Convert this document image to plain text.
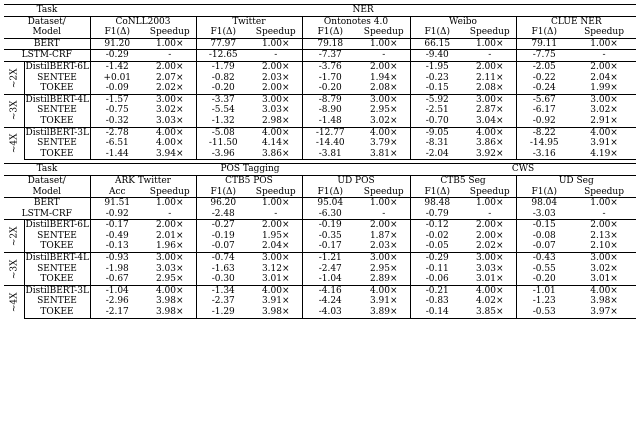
Task		NER									
Dataset/		CoNLL2003		Twitter		Ontonotes 4.0		Weibo		CLUE NER	
Model		F1(Δ)	Speedup	F1(Δ)	Speedup	F1(Δ)	Speedup	F1(Δ)	Speedup	F1(Δ)	Speedup
BERT		91.20	1.00×	77.97	1.00×	79.18	1.00×	66.15	1.00×	79.11	1.00×
LSTM-CRF		-0.29	-	-12.65	-	-7.37	-	-9.40	-	-7.75	-
~2X	DistilBERT-6L	-1.42	2.00×	-1.79	2.00×	-3.76	2.00×	-1.95	2.00×	-2.05	2.00×
	SENTEE	+0.01	2.07×	-0.82	2.03×	-1.70	1.94×	-0.23	2.11×	-0.22	2.04×
	TOKEE	-0.09	2.02×	-0.20	2.00×	-0.20	2.08×	-0.15	2.08×	-0.24	1.99×
~3X	DistilBERT-4L	-1.57	3.00×	-3.37	3.00×	-8.79	3.00×	-5.92	3.00×	-5.67	3.00×
	SENTEE	-0.75	3.02×	-5.54	3.03×	-8.90	2.95×	-2.51	2.87×	-6.17	3.02×
	TOKEE	-0.32	3.03×	-1.32	2.98×	-1.48	3.02×	-0.70	3.04×	-0.92	2.91×
~4X	DistilBERT-3L	-2.78	4.00×	-5.08	4.00×	-12.77	4.00×	-9.05	4.00×	-8.22	4.00×
	SENTEE	-6.51	4.00×	-11.50	4.14×	-14.40	3.79×	-8.31	3.86×	-14.95	3.91×
	TOKEE	-1.44	3.94×	-3.96	3.86×	-3.81	3.81×	-2.04	3.92×	-3.16	4.19×

Task		POS Tagging						CWS			
Dataset/		ARK Twitter		CTB5 POS		UD POS		CTB5 Seg		UD Seg	
Model		Acc	Speedup	F1(Δ)	Speedup	F1(Δ)	Speedup	F1(Δ)	Speedup	F1(Δ)	Speedup
BERT		91.51	1.00×	96.20	1.00×	95.04	1.00×	98.48	1.00×	98.04	1.00×
LSTM-CRF		-0.92	-	-2.48	-	-6.30	-	-0.79	-	-3.03	-
~2X	DistilBERT-6L	-0.17	2.00×	-0.27	2.00×	-0.19	2.00×	-0.12	2.00×	-0.15	2.00×
	SENTEE	-0.49	2.01×	-0.19	1.95×	-0.35	1.87×	-0.02	2.00×	-0.08	2.13×
	TOKEE	-0.13	1.96×	-0.07	2.04×	-0.17	2.03×	-0.05	2.02×	-0.07	2.10×
~3X	DistilBERT-4L	-0.93	3.00×	-0.74	3.00×	-1.21	3.00×	-0.29	3.00×	-0.43	3.00×
	SENTEE	-1.98	3.03×	-1.63	3.12×	-2.47	2.95×	-0.11	3.03×	-0.55	3.02×
	TOKEE	-0.67	2.95×	-0.30	3.01×	-1.04	2.89×	-0.06	3.01×	-0.20	3.01×
~4X	DistilBERT-3L	-1.04	4.00×	-1.34	4.00×	-4.16	4.00×	-0.21	4.00×	-1.01	4.00×
	SENTEE	-2.96	3.98×	-2.37	3.91×	-4.24	3.91×	-0.83	4.02×	-1.23	3.98×
	TOKEE	-2.17	3.98×	-1.29	3.98×	-4.03	3.89×	-0.14	3.85×	-0.53	3.97×
